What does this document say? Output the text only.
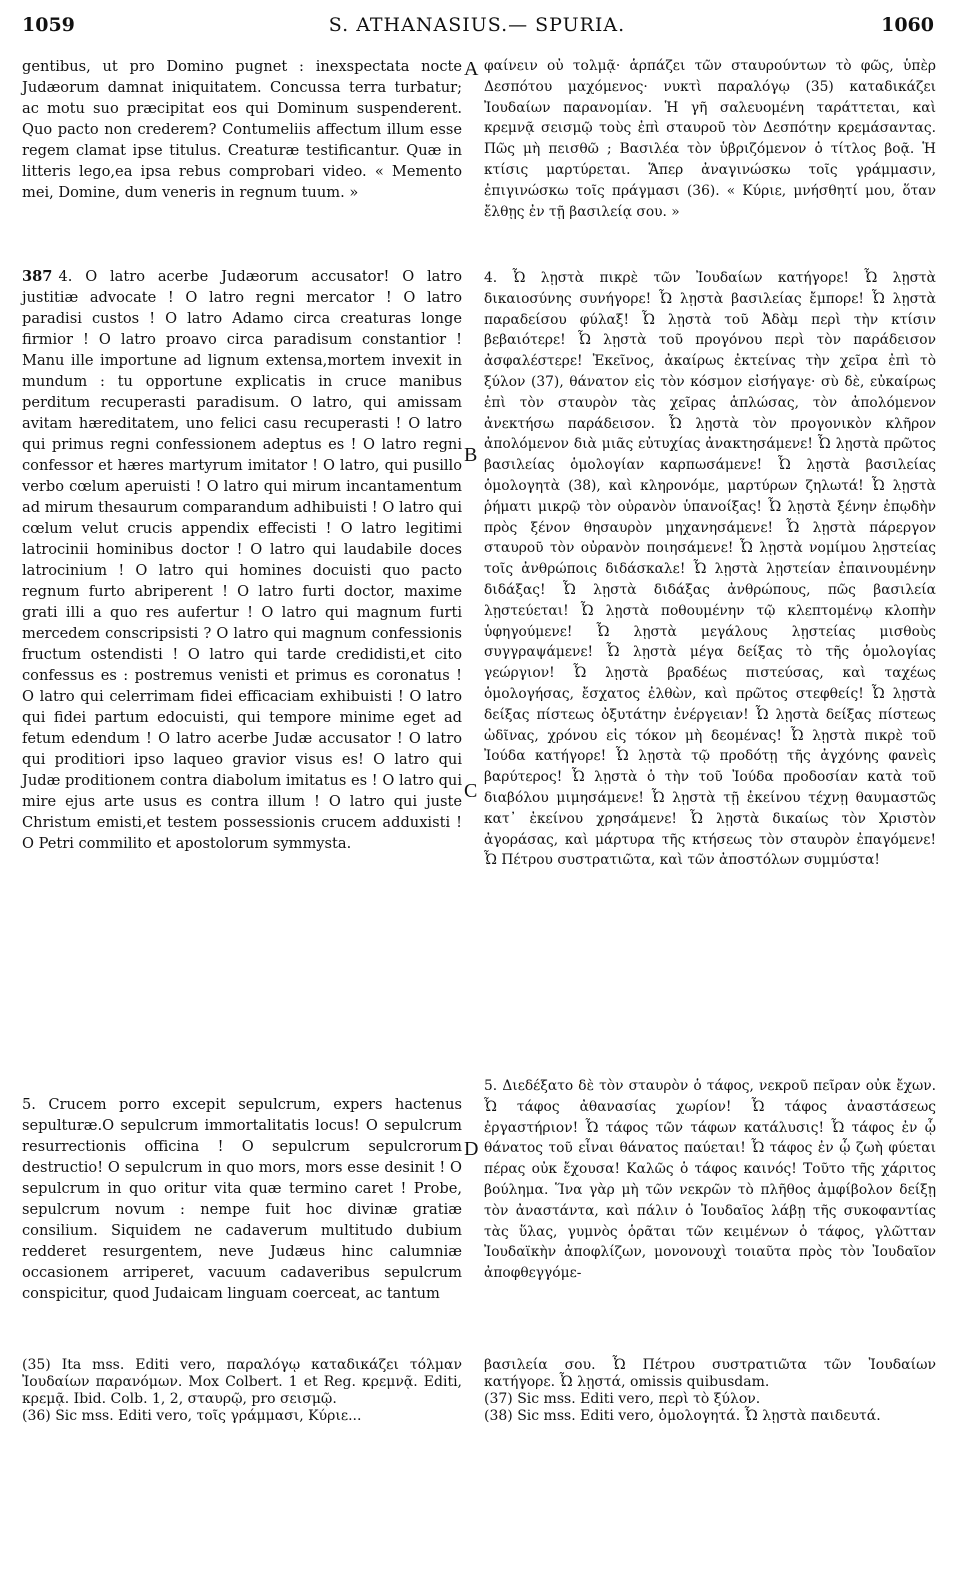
1059	S. ATHANASIUS.— SPURIA.	1060

gentibus, ut pro Domino pugnet : inexspectata nocte Judæorum damnat iniquitatem. Concussa terra turbatur; ac motu suo præcipitat eos qui Dominum suspenderent. Quo pacto non crederem? Contumeliis affectum illum esse regem clamat ipse titulus. Creaturæ testificantur. Quæ in litteris lego,ea ipsa rebus comprobari video. « Memento mei, Domine, dum veneris in regnum tuum. »

387 4. O latro acerbe Judæorum accusator! O latro justitiæ advocate ! O latro regni mercator ! O latro paradisi custos ! O latro Adamo circa creaturas longe firmior ! O latro proavo circa paradisum constantior ! Manu ille importune ad lignum extensa,mortem invexit in mundum : tu opportune explicatis in cruce manibus perditum recuperasti paradisum. O latro, qui amissam avitam hæreditatem, uno felici casu recuperasti ! O latro qui primus regni confessionem adeptus es ! O latro regni confessor et hæres martyrum imitator ! O latro, qui pusillo verbo cœlum aperuisti ! O latro qui mirum incantamentum ad mirum thesaurum comparandum adhibuisti ! O latro qui cœlum velut crucis appendix effecisti ! O latro legitimi latrocinii hominibus doctor ! O latro qui laudabile doces latrocinium ! O latro qui homines docuisti quo pacto regnum furto abriperent ! O latro furti doctor, maxime grati illi a quo res aufertur ! O latro qui magnum furti mercedem conscripsisti ? O latro qui magnum confessionis fructum ostendisti ! O latro qui tarde credidisti,et cito confessus es : postremus venisti et primus es coronatus ! O latro qui celerrimam fidei efficaciam exhibuisti ! O latro qui fidei partum edocuisti, qui tempore minime eget ad fetum edendum ! O latro acerbe Judæ accusator ! O latro qui proditiori ipso laqueo gravior visus es! O latro qui Judæ proditionem contra diabolum imitatus es ! O latro qui mire ejus arte usus es contra illum ! O latro qui juste Christum emisti,et testem possessionis crucem adduxisti ! O Petri commilito et apostolorum symmysta.

5. Crucem porro excepit sepulcrum, expers hactenus sepulturæ.O sepulcrum immortalitatis locus! O sepulcrum resurrectionis officina ! O sepulcrum sepulcrorum destructio! O sepulcrum in quo mors, mors esse desinit ! O sepulcrum in quo oritur vita quæ termino caret ! Probe, sepulcrum novum : nempe fuit hoc divinæ gratiæ consilium. Siquidem ne cadaverum multitudo dubium redderet resurgentem, neve Judæus hinc calumniæ occasionem arriperet, vacuum cadaveribus sepulcrum conspicitur, quod Judaicam linguam coerceat, ac tantum

A
B
C
D

φαίνειν οὐ τολμᾷ· ἁρπάζει τῶν σταυρούντων τὸ φῶς, ὑπὲρ Δεσπότου μαχόμενος· νυκτὶ παραλόγῳ (35) καταδικάζει Ἰουδαίων παρανομίαν. Ἡ γῆ σαλευομένη ταράττεται, καὶ κρεμνᾷ σεισμῷ τοὺς ἐπὶ σταυροῦ τὸν Δεσπότην κρεμάσαντας. Πῶς μὴ πεισθῶ ; Βασιλέα τὸν ὑβριζόμενον ὁ τίτλος βοᾷ. Ἡ κτίσις μαρτύρεται. Ἅπερ ἀναγινώσκω τοῖς γράμμασιν, ἐπιγινώσκω τοῖς πράγμασι (36). « Κύριε, μνήσθητί μου, ὅταν ἔλθῃς ἐν τῇ βασιλείᾳ σου. »

4. Ὦ λῃστὰ πικρὲ τῶν Ἰουδαίων κατήγορε! Ὦ λῃστὰ δικαιοσύνης συνήγορε! Ὦ λῃστὰ βασιλείας ἔμπορε! Ὦ λῃστὰ παραδείσου φύλαξ! Ὦ λῃστὰ τοῦ Ἀδὰμ περὶ τὴν κτίσιν βεβαιότερε! Ὦ λῃστὰ τοῦ προγόνου περὶ τὸν παράδεισον ἀσφαλέστερε! Ἐκεῖνος, ἀκαίρως ἐκτείνας τὴν χεῖρα ἐπὶ τὸ ξύλον (37), θάνατον εἰς τὸν κόσμον εἰσήγαγε· σὺ δὲ, εὐκαίρως ἐπὶ τὸν σταυρὸν τὰς χεῖρας ἁπλώσας, τὸν ἀπολόμενον ἀνεκτήσω παράδεισον. Ὦ λῃστὰ τὸν προγονικὸν κλῆρον ἀπολόμενον διὰ μιᾶς εὐτυχίας ἀνακτησάμενε! Ὦ λῃστὰ πρῶτος βασιλείας ὁμολογίαν καρπωσάμενε! Ὦ λῃστὰ βασιλείας ὁμολογητὰ (38), καὶ κληρονόμε, μαρτύρων ζηλωτά! Ὦ λῃστὰ ῥήματι μικρῷ τὸν οὐρανὸν ὑπανοίξας! Ὦ λῃστὰ ξένην ἐπῳδὴν πρὸς ξένον θησαυρὸν μηχανησάμενε! Ὦ λῃστὰ πάρεργον σταυροῦ τὸν οὐρανὸν ποιησάμενε! Ὦ λῃστὰ νομίμου λῃστείας τοῖς ἀνθρώποις διδάσκαλε! Ὦ λῃστὰ λῃστείαν ἐπαινουμένην διδάξας! Ὦ λῃστὰ διδάξας ἀνθρώπους, πῶς βασιλεία λῃστεύεται! Ὦ λῃστὰ ποθουμένην τῷ κλεπτομένῳ κλοπὴν ὑφηγούμενε! Ὦ λῃστὰ μεγάλους λῃστείας μισθοὺς συγγραψάμενε! Ὦ λῃστὰ μέγα δείξας τὸ τῆς ὁμολογίας γεώργιον! Ὦ λῃστὰ βραδέως πιστεύσας, καὶ ταχέως ὁμολογήσας, ἔσχατος ἐλθὼν, καὶ πρῶτος στεφθείς! Ὦ λῃστὰ δείξας πίστεως ὀξυτάτην ἐνέργειαν! Ὦ λῃστὰ δείξας πίστεως ὠδῖνας, χρόνου εἰς τόκον μὴ δεομένας! Ὦ λῃστὰ πικρὲ τοῦ Ἰούδα κατήγορε! Ὦ λῃστὰ τῷ προδότῃ τῆς ἀγχόνης φανεὶς βαρύτερος! Ὦ λῃστὰ ὁ τὴν τοῦ Ἰούδα προδοσίαν κατὰ τοῦ διαβόλου μιμησάμενε! Ὦ λῃστὰ τῇ ἐκείνου τέχνῃ θαυμαστῶς κατ᾽ ἐκείνου χρησάμενε! Ὦ λῃστὰ δικαίως τὸν Χριστὸν ἀγοράσας, καὶ μάρτυρα τῆς κτήσεως τὸν σταυρὸν ἐπαγόμενε! Ὦ Πέτρου συστρατιῶτα, καὶ τῶν ἀποστόλων συμμύστα!

5. Διεδέξατο δὲ τὸν σταυρὸν ὁ τάφος, νεκροῦ πεῖραν οὐκ ἔχων. Ὦ τάφος ἀθανασίας χωρίον! Ὦ τάφος ἀναστάσεως ἐργαστήριον! Ὦ τάφος τῶν τάφων κατάλυσις! Ὦ τάφος ἐν ᾧ θάνατος τοῦ εἶναι θάνατος παύεται! Ὦ τάφος ἐν ᾧ ζωὴ φύεται πέρας οὐκ ἔχουσα! Καλῶς ὁ τάφος καινός! Τοῦτο τῆς χάριτος βούλημα. Ἵνα γὰρ μὴ τῶν νεκρῶν τὸ πλῆθος ἀμφίβολον δείξῃ τὸν ἀναστάντα, καὶ πάλιν ὁ Ἰουδαῖος λάβῃ τῆς συκοφαντίας τὰς ὕλας, γυμνὸς ὁρᾶται τῶν κειμένων ὁ τάφος, γλῶτταν Ἰουδαϊκὴν ἀποφλίζων, μονονουχὶ τοιαῦτα πρὸς τὸν Ἰουδαῖον ἀποφθεγγόμε-

(35) Ita mss. Editi vero, παραλόγῳ καταδικάζει τόλμαν Ἰουδαίων παρανόμων. Mox Colbert. 1 et Reg. κρεμνᾷ. Editi, κρεμᾷ. Ibid. Colb. 1, 2, σταυρῷ, pro σεισμῷ.

(36) Sic mss. Editi vero, τοῖς γράμμασι, Κύριε...

βασιλεία σου. Ὦ Πέτρου συστρατιῶτα τῶν Ἰουδαίων κατήγορε. Ὦ λῃστά, omissis quibusdam.

(37) Sic mss. Editi vero, περὶ τὸ ξύλον.

(38) Sic mss. Editi vero, ὁμολογητά. Ὦ λῃστὰ παιδευτά.
